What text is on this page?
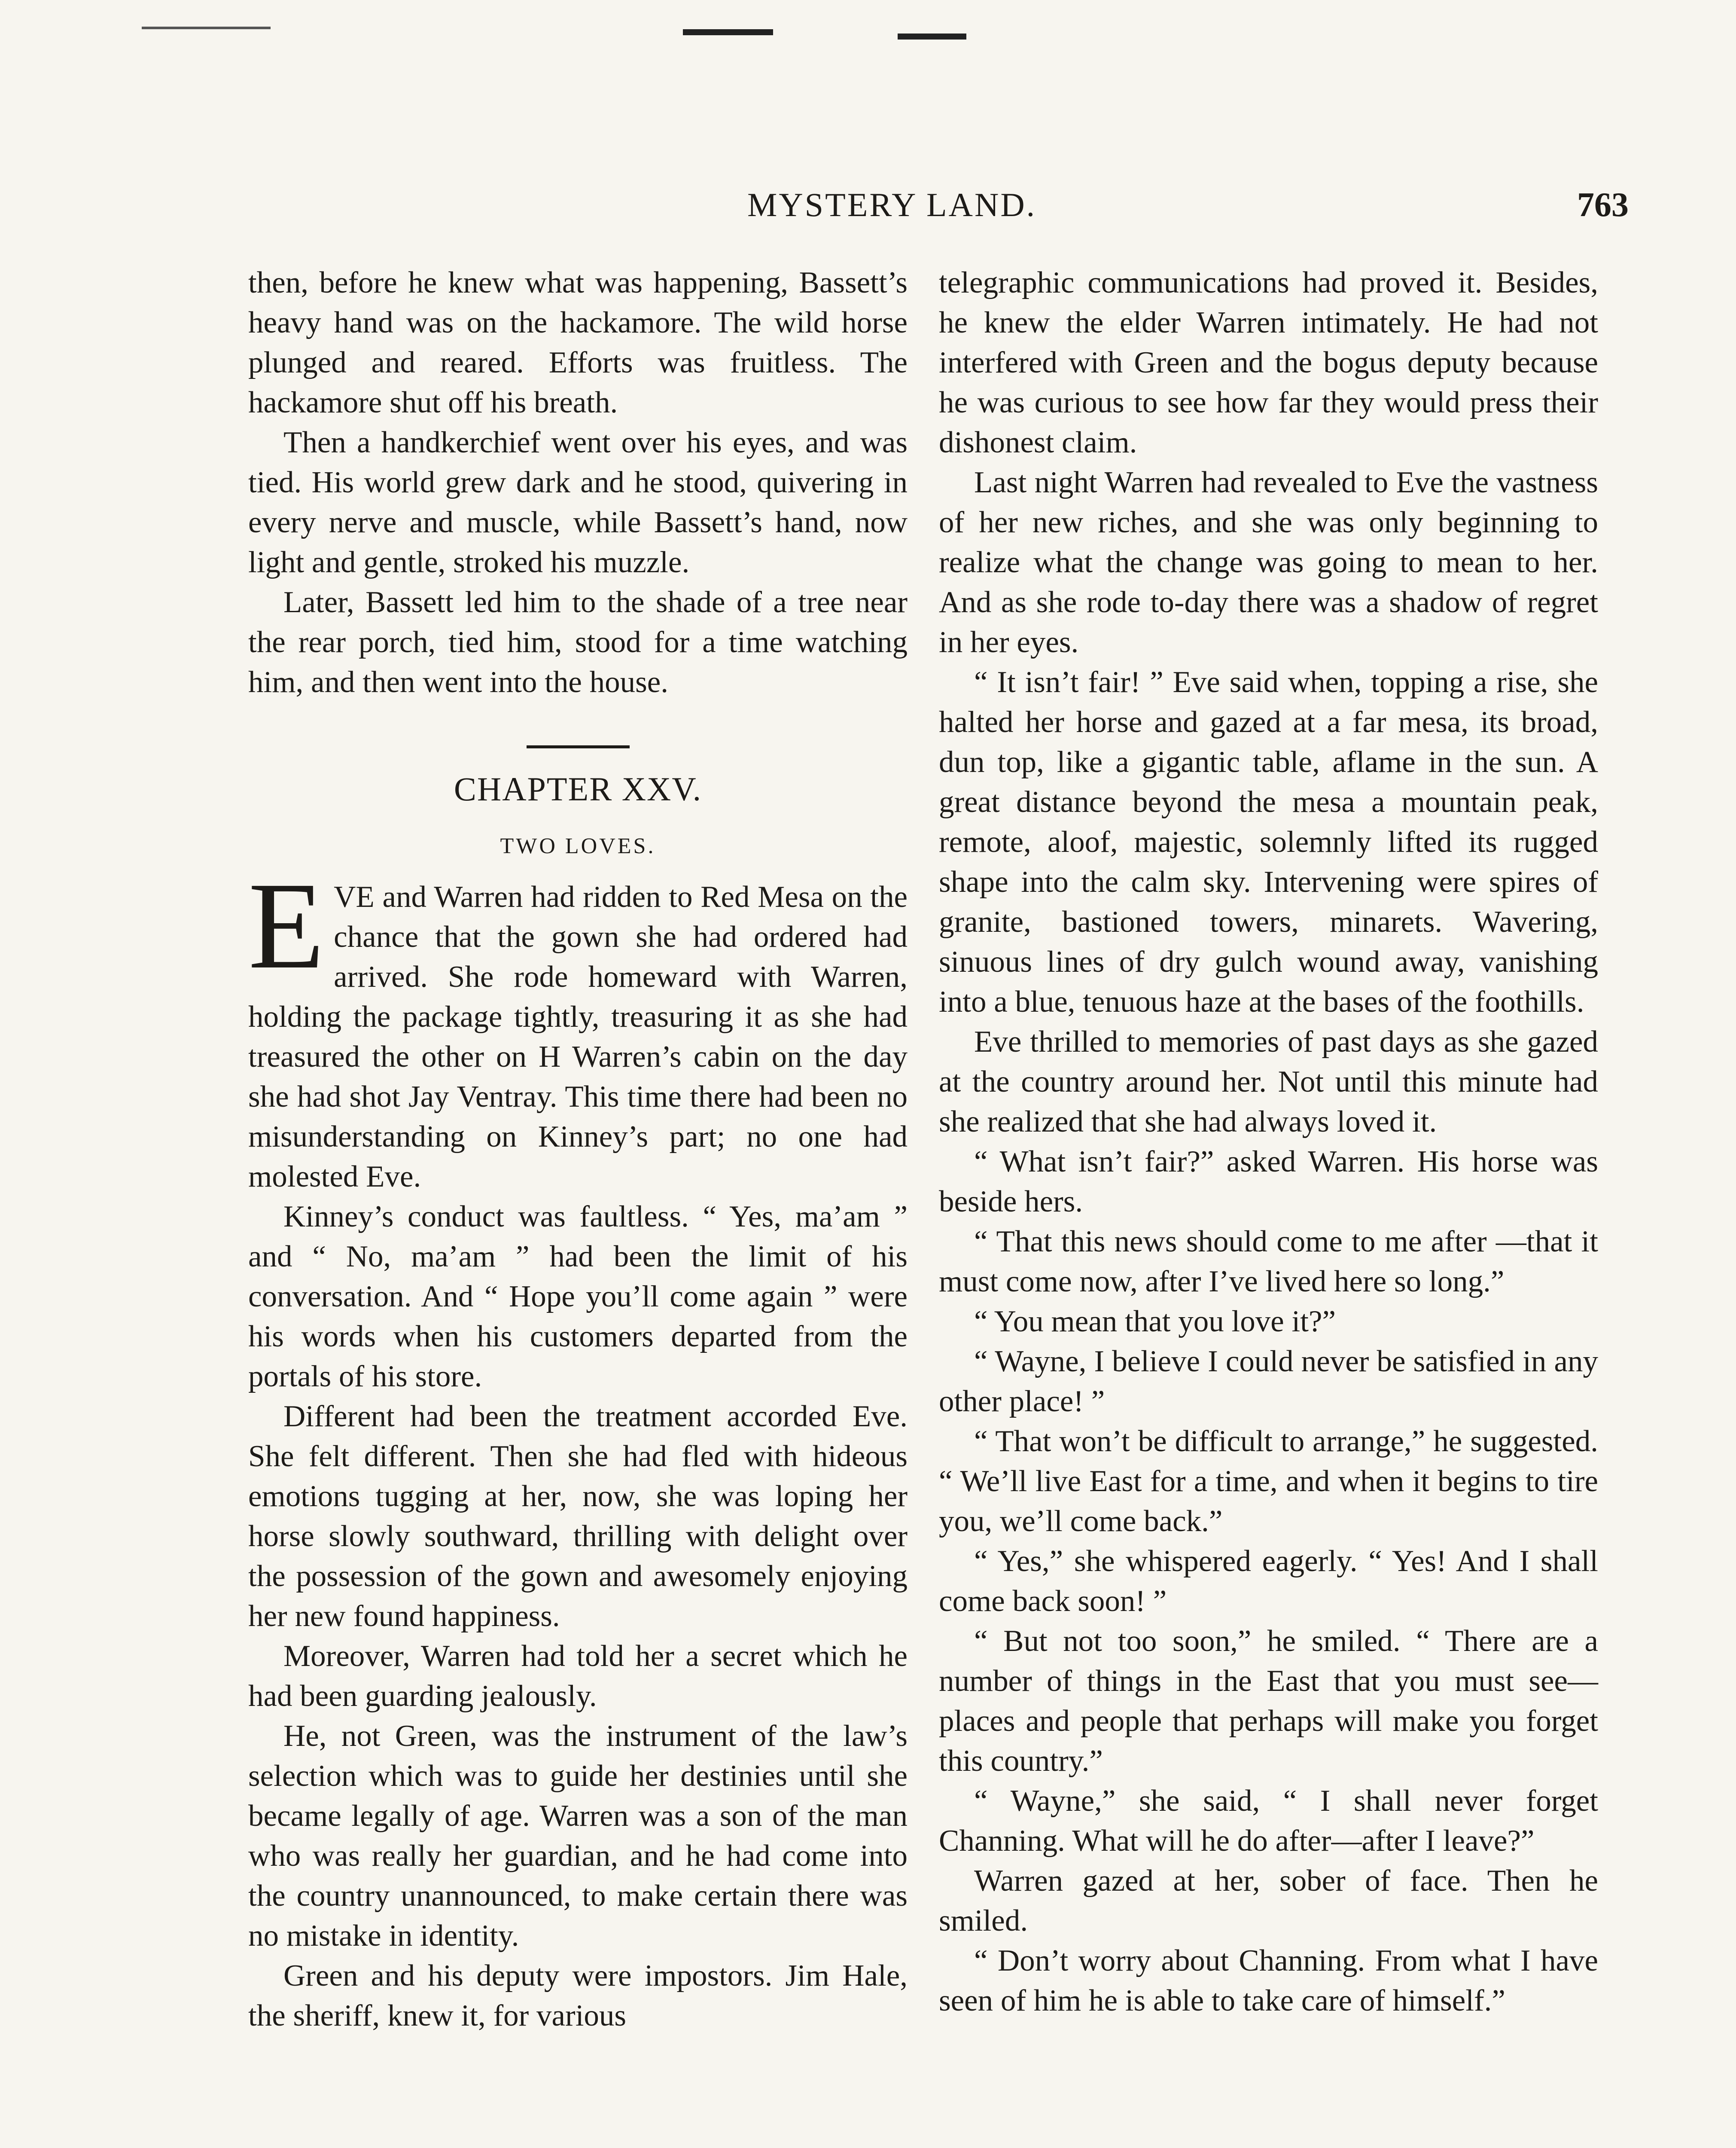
MYSTERY LAND.	763

then, before he knew what was happening, Bassett’s heavy hand was on the hackamore. The wild horse plunged and reared. Efforts was fruitless. The hackamore shut off his breath.

Then a handkerchief went over his eyes, and was tied. His world grew dark and he stood, quivering in every nerve and muscle, while Bassett’s hand, now light and gentle, stroked his muzzle.

Later, Bassett led him to the shade of a tree near the rear porch, tied him, stood for a time watching him, and then went into the house.

CHAPTER XXV.
TWO LOVES.

EVE and Warren had ridden to Red Mesa on the chance that the gown she had ordered had arrived. She rode homeward with Warren, holding the package tightly, treasuring it as she had treasured the other on H Warren’s cabin on the day she had shot Jay Ventray. This time there had been no misunderstanding on Kinney’s part; no one had molested Eve.

Kinney’s conduct was faultless. “ Yes, ma’am ” and “ No, ma’am ” had been the limit of his conversation. And “ Hope you’ll come again ” were his words when his customers departed from the portals of his store.

Different had been the treatment accorded Eve. She felt different. Then she had fled with hideous emotions tugging at her, now, she was loping her horse slowly southward, thrilling with delight over the possession of the gown and awesomely enjoying her new found happiness.

Moreover, Warren had told her a secret which he had been guarding jealously.

He, not Green, was the instrument of the law’s selection which was to guide her destinies until she became legally of age. Warren was a son of the man who was really her guardian, and he had come into the country unannounced, to make certain there was no mistake in identity.

Green and his deputy were impostors. Jim Hale, the sheriff, knew it, for various

telegraphic communications had proved it. Besides, he knew the elder Warren intimately. He had not interfered with Green and the bogus deputy because he was curious to see how far they would press their dishonest claim.

Last night Warren had revealed to Eve the vastness of her new riches, and she was only beginning to realize what the change was going to mean to her. And as she rode to-day there was a shadow of regret in her eyes.

“ It isn’t fair! ” Eve said when, topping a rise, she halted her horse and gazed at a far mesa, its broad, dun top, like a gigantic table, aflame in the sun. A great distance beyond the mesa a mountain peak, remote, aloof, majestic, solemnly lifted its rugged shape into the calm sky. Intervening were spires of granite, bastioned towers, minarets. Wavering, sinuous lines of dry gulch wound away, vanishing into a blue, tenuous haze at the bases of the foothills.

Eve thrilled to memories of past days as she gazed at the country around her. Not until this minute had she realized that she had always loved it.

“ What isn’t fair?” asked Warren. His horse was beside hers.

“ That this news should come to me after —that it must come now, after I’ve lived here so long.”

“ You mean that you love it?”

“ Wayne, I believe I could never be satisfied in any other place! ”

“ That won’t be difficult to arrange,” he suggested. “ We’ll live East for a time, and when it begins to tire you, we’ll come back.”

“ Yes,” she whispered eagerly. “ Yes! And I shall come back soon! ”

“ But not too soon,” he smiled. “ There are a number of things in the East that you must see—places and people that perhaps will make you forget this country.”

“ Wayne,” she said, “ I shall never forget Channing. What will he do after—after I leave?”

Warren gazed at her, sober of face. Then he smiled.

“ Don’t worry about Channing. From what I have seen of him he is able to take care of himself.”
